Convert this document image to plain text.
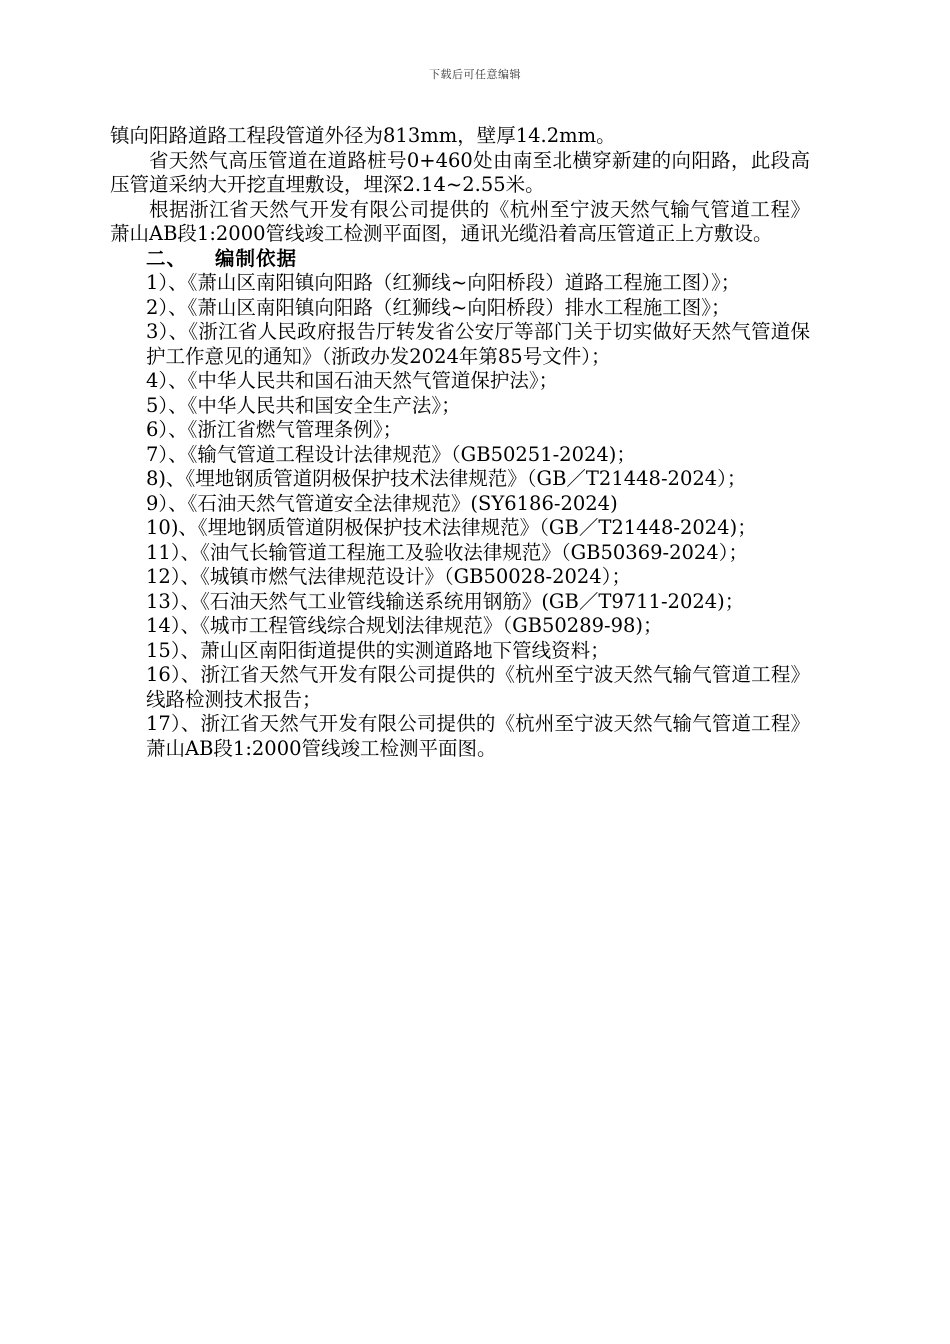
下载后可任意编辑

镇向阳路道路工程段管道外径为813mm，壁厚14.2mm。

省天然气高压管道在道路桩号0+460处由南至北横穿新建的向阳路，此段高压管道采纳大开挖直埋敷设，埋深2.14~2.55米。

根据浙江省天然气开发有限公司提供的《杭州至宁波天然气输气管道工程》萧山AB段1:2000管线竣工检测平面图，通讯光缆沿着高压管道正上方敷设。

二、 编制依据

1）、《萧山区南阳镇向阳路（红狮线~向阳桥段）道路工程施工图）》；
2）、《萧山区南阳镇向阳路（红狮线~向阳桥段）排水工程施工图》；
3）、《浙江省人民政府报告厅转发省公安厅等部门关于切实做好天然气管道保护工作意见的通知》（浙政办发2024年第85号文件）；
4）、《中华人民共和国石油天然气管道保护法》；
5）、《中华人民共和国安全生产法》；
6）、《浙江省燃气管理条例》；
7）、《输气管道工程设计法律规范》（GB50251-2024)；
8)、《埋地钢质管道阴极保护技术法律规范》（GB／T21448-2024）；
9）、《石油天然气管道安全法律规范》(SY6186-2024)
10)、《埋地钢质管道阴极保护技术法律规范》（GB／T21448-2024)；
11）、《油气长输管道工程施工及验收法律规范》（GB50369-2024）；
12）、《城镇市燃气法律规范设计》（GB50028-2024）；
13）、《石油天然气工业管线输送系统用钢筋》(GB／T9711-2024)；
14）、《城市工程管线综合规划法律规范》（GB50289-98)；
15）、萧山区南阳街道提供的实测道路地下管线资料；
16）、浙江省天然气开发有限公司提供的《杭州至宁波天然气输气管道工程》线路检测技术报告；
17）、浙江省天然气开发有限公司提供的《杭州至宁波天然气输气管道工程》萧山AB段1:2000管线竣工检测平面图。
